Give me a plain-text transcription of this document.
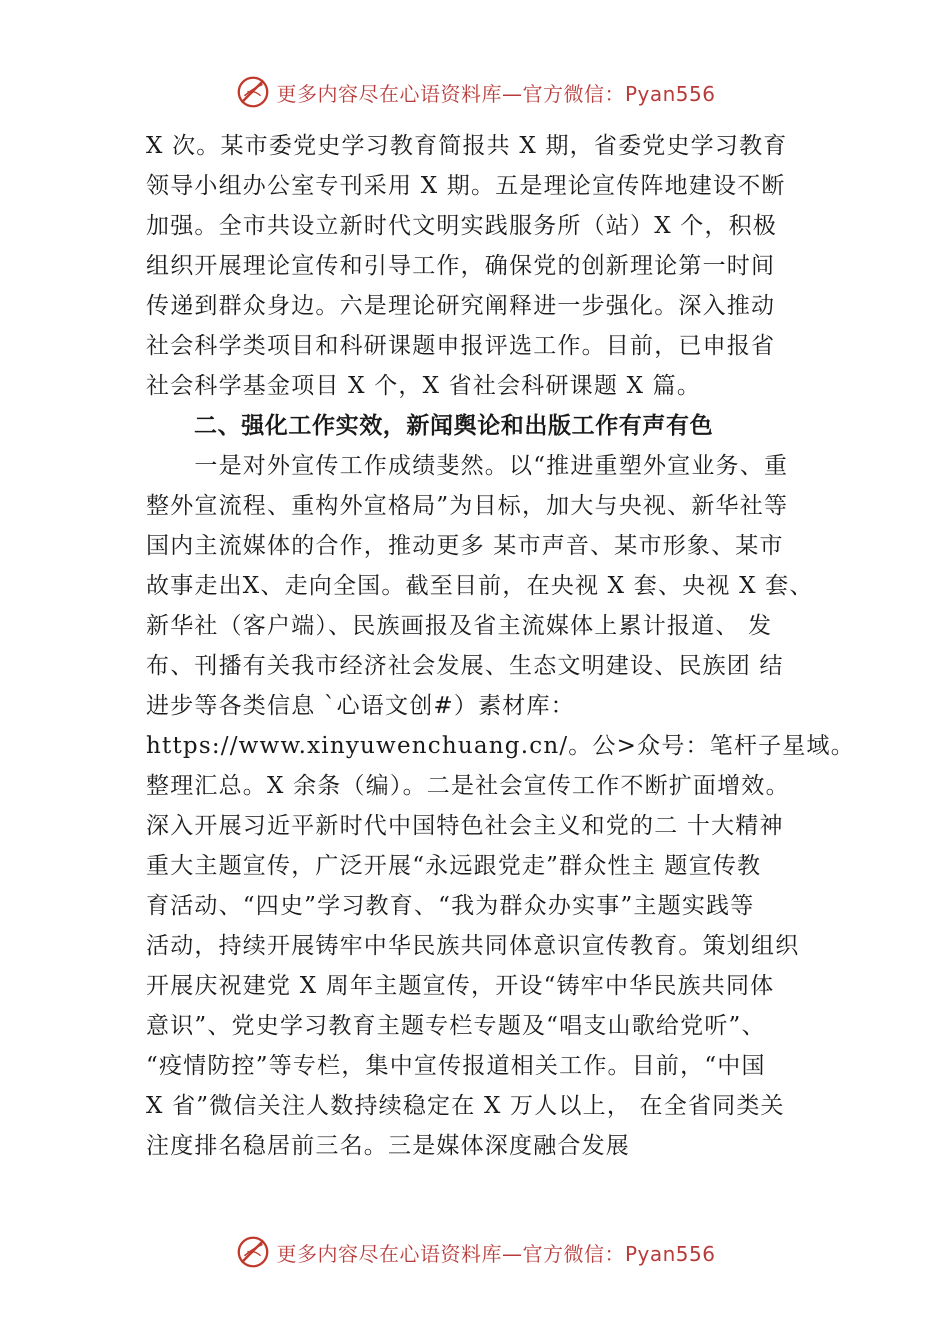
更多内容尽在心语资料库—官方微信：Pyan556
X 次。某市委党史学习教育简报共 X 期，省委党史学习教育
领导小组办公室专刊采用 X 期。五是理论宣传阵地建设不断
加强。全市共设立新时代文明实践服务所（站）X 个，积极
组织开展理论宣传和引导工作，确保党的创新理论第一时间
传递到群众身边。六是理论研究阐释进一步强化。深入推动
社会科学类项目和科研课题申报评选工作。目前，已申报省
社会科学基金项目 X 个，X 省社会科研课题 X 篇。
二、强化工作实效，新闻舆论和出版工作有声有色
　　一是对外宣传工作成绩斐然。以“推进重塑外宣业务、重
整外宣流程、重构外宣格局”为目标，加大与央视、新华社等
国内主流媒体的合作，推动更多 某市声音、某市形象、某市
故事走出X、走向全国。截至目前，在央视 X 套、央视 X 套、
新华社（客户端）、民族画报及省主流媒体上累计报道、 发
布、刊播有关我市经济社会发展、生态文明建设、民族团 结
进步等各类信息 `心语文创#）素材库：
https://www.xinyuwenchuang.cn/。公>众号：笔杆子星域。
整理汇总。X 余条（编）。二是社会宣传工作不断扩面增效。
深入开展习近平新时代中国特色社会主义和党的二 十大精神
重大主题宣传，广泛开展“永远跟党走”群众性主 题宣传教
育活动、“四史”学习教育、“我为群众办实事”主题实践等
活动，持续开展铸牢中华民族共同体意识宣传教育。策划组织
开展庆祝建党 X 周年主题宣传，开设“铸牢中华民族共同体
意识”、党史学习教育主题专栏专题及“唱支山歌给党听”、
“疫情防控”等专栏，集中宣传报道相关工作。目前，“中国
X 省”微信关注人数持续稳定在 X 万人以上， 在全省同类关
注度排名稳居前三名。三是媒体深度融合发展
更多内容尽在心语资料库—官方微信：Pyan556
